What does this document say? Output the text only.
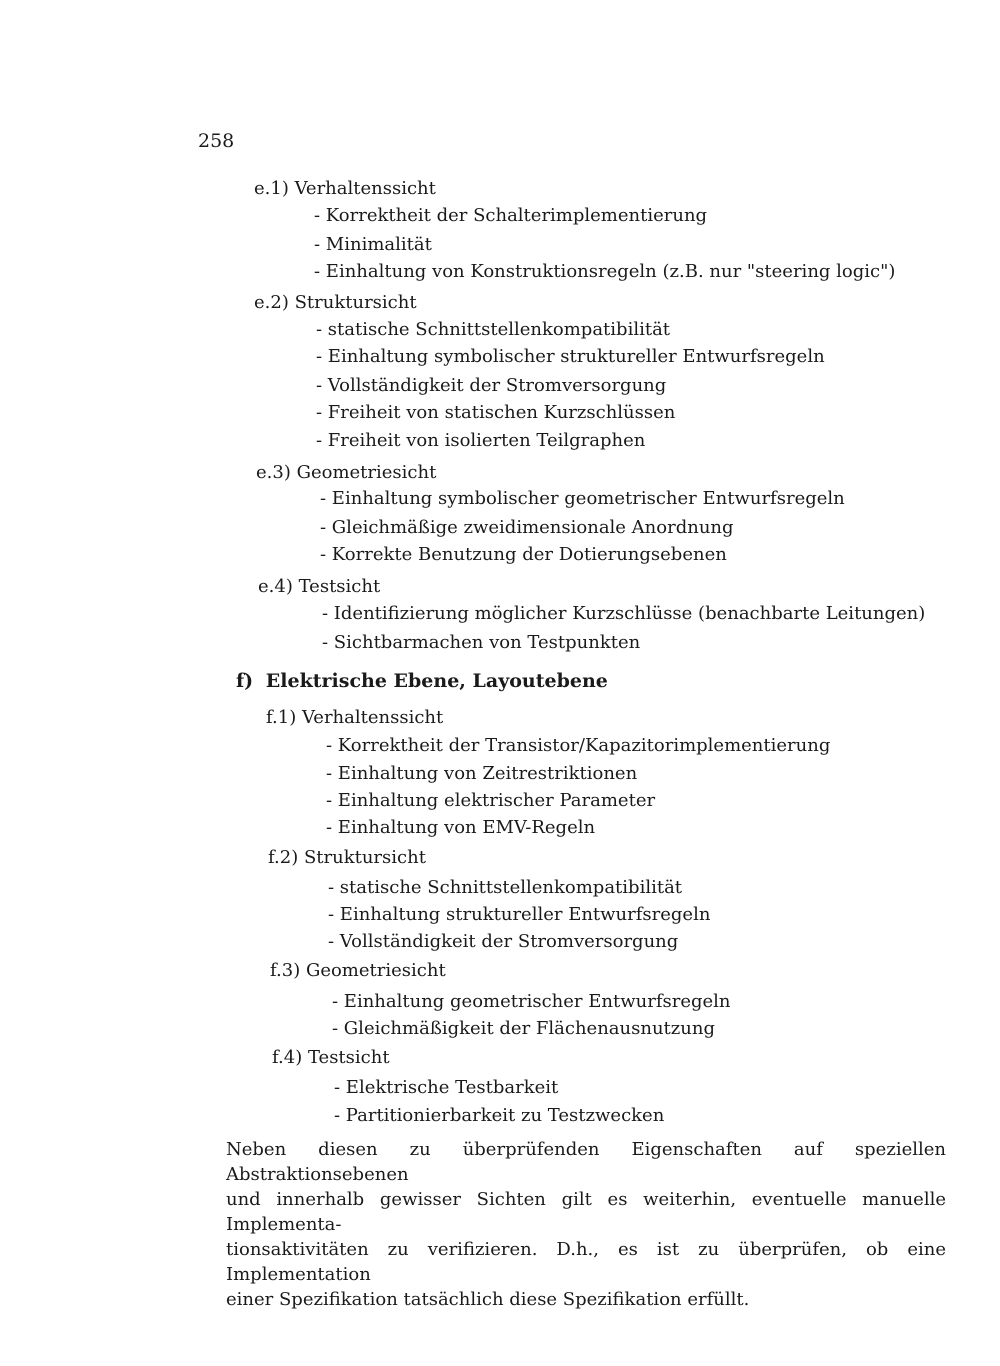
258
e.1) Verhaltenssicht
- Korrektheit der Schalterimplementierung
- Minimalität
- Einhaltung von Konstruktionsregeln (z.B. nur "steering logic")
e.2) Struktursicht
- statische Schnittstellenkompatibilität
- Einhaltung symbolischer struktureller Entwurfsregeln
- Vollständigkeit der Stromversorgung
- Freiheit von statischen Kurzschlüssen
- Freiheit von isolierten Teilgraphen
e.3) Geometriesicht
- Einhaltung symbolischer geometrischer Entwurfsregeln
- Gleichmäßige zweidimensionale Anordnung
- Korrekte Benutzung der Dotierungsebenen
e.4) Testsicht
- Identifizierung möglicher Kurzschlüsse (benachbarte Leitungen)
- Sichtbarmachen von Testpunkten
f) Elektrische Ebene, Layoutebene
f.1) Verhaltenssicht
- Korrektheit der Transistor/Kapazitorimplementierung
- Einhaltung von Zeitrestriktionen
- Einhaltung elektrischer Parameter
- Einhaltung von EMV-Regeln
f.2) Struktursicht
- statische Schnittstellenkompatibilität
- Einhaltung struktureller Entwurfsregeln
- Vollständigkeit der Stromversorgung
f.3) Geometriesicht
- Einhaltung geometrischer Entwurfsregeln
- Gleichmäßigkeit der Flächenausnutzung
f.4) Testsicht
- Elektrische Testbarkeit
- Partitionierbarkeit zu Testzwecken
Neben diesen zu überprüfenden Eigenschaften auf speziellen Abstraktionsebenen
und innerhalb gewisser Sichten gilt es weiterhin, eventuelle manuelle Implementa-
tionsaktivitäten zu verifizieren. D.h., es ist zu überprüfen, ob eine Implementation
einer Spezifikation tatsächlich diese Spezifikation erfüllt.
